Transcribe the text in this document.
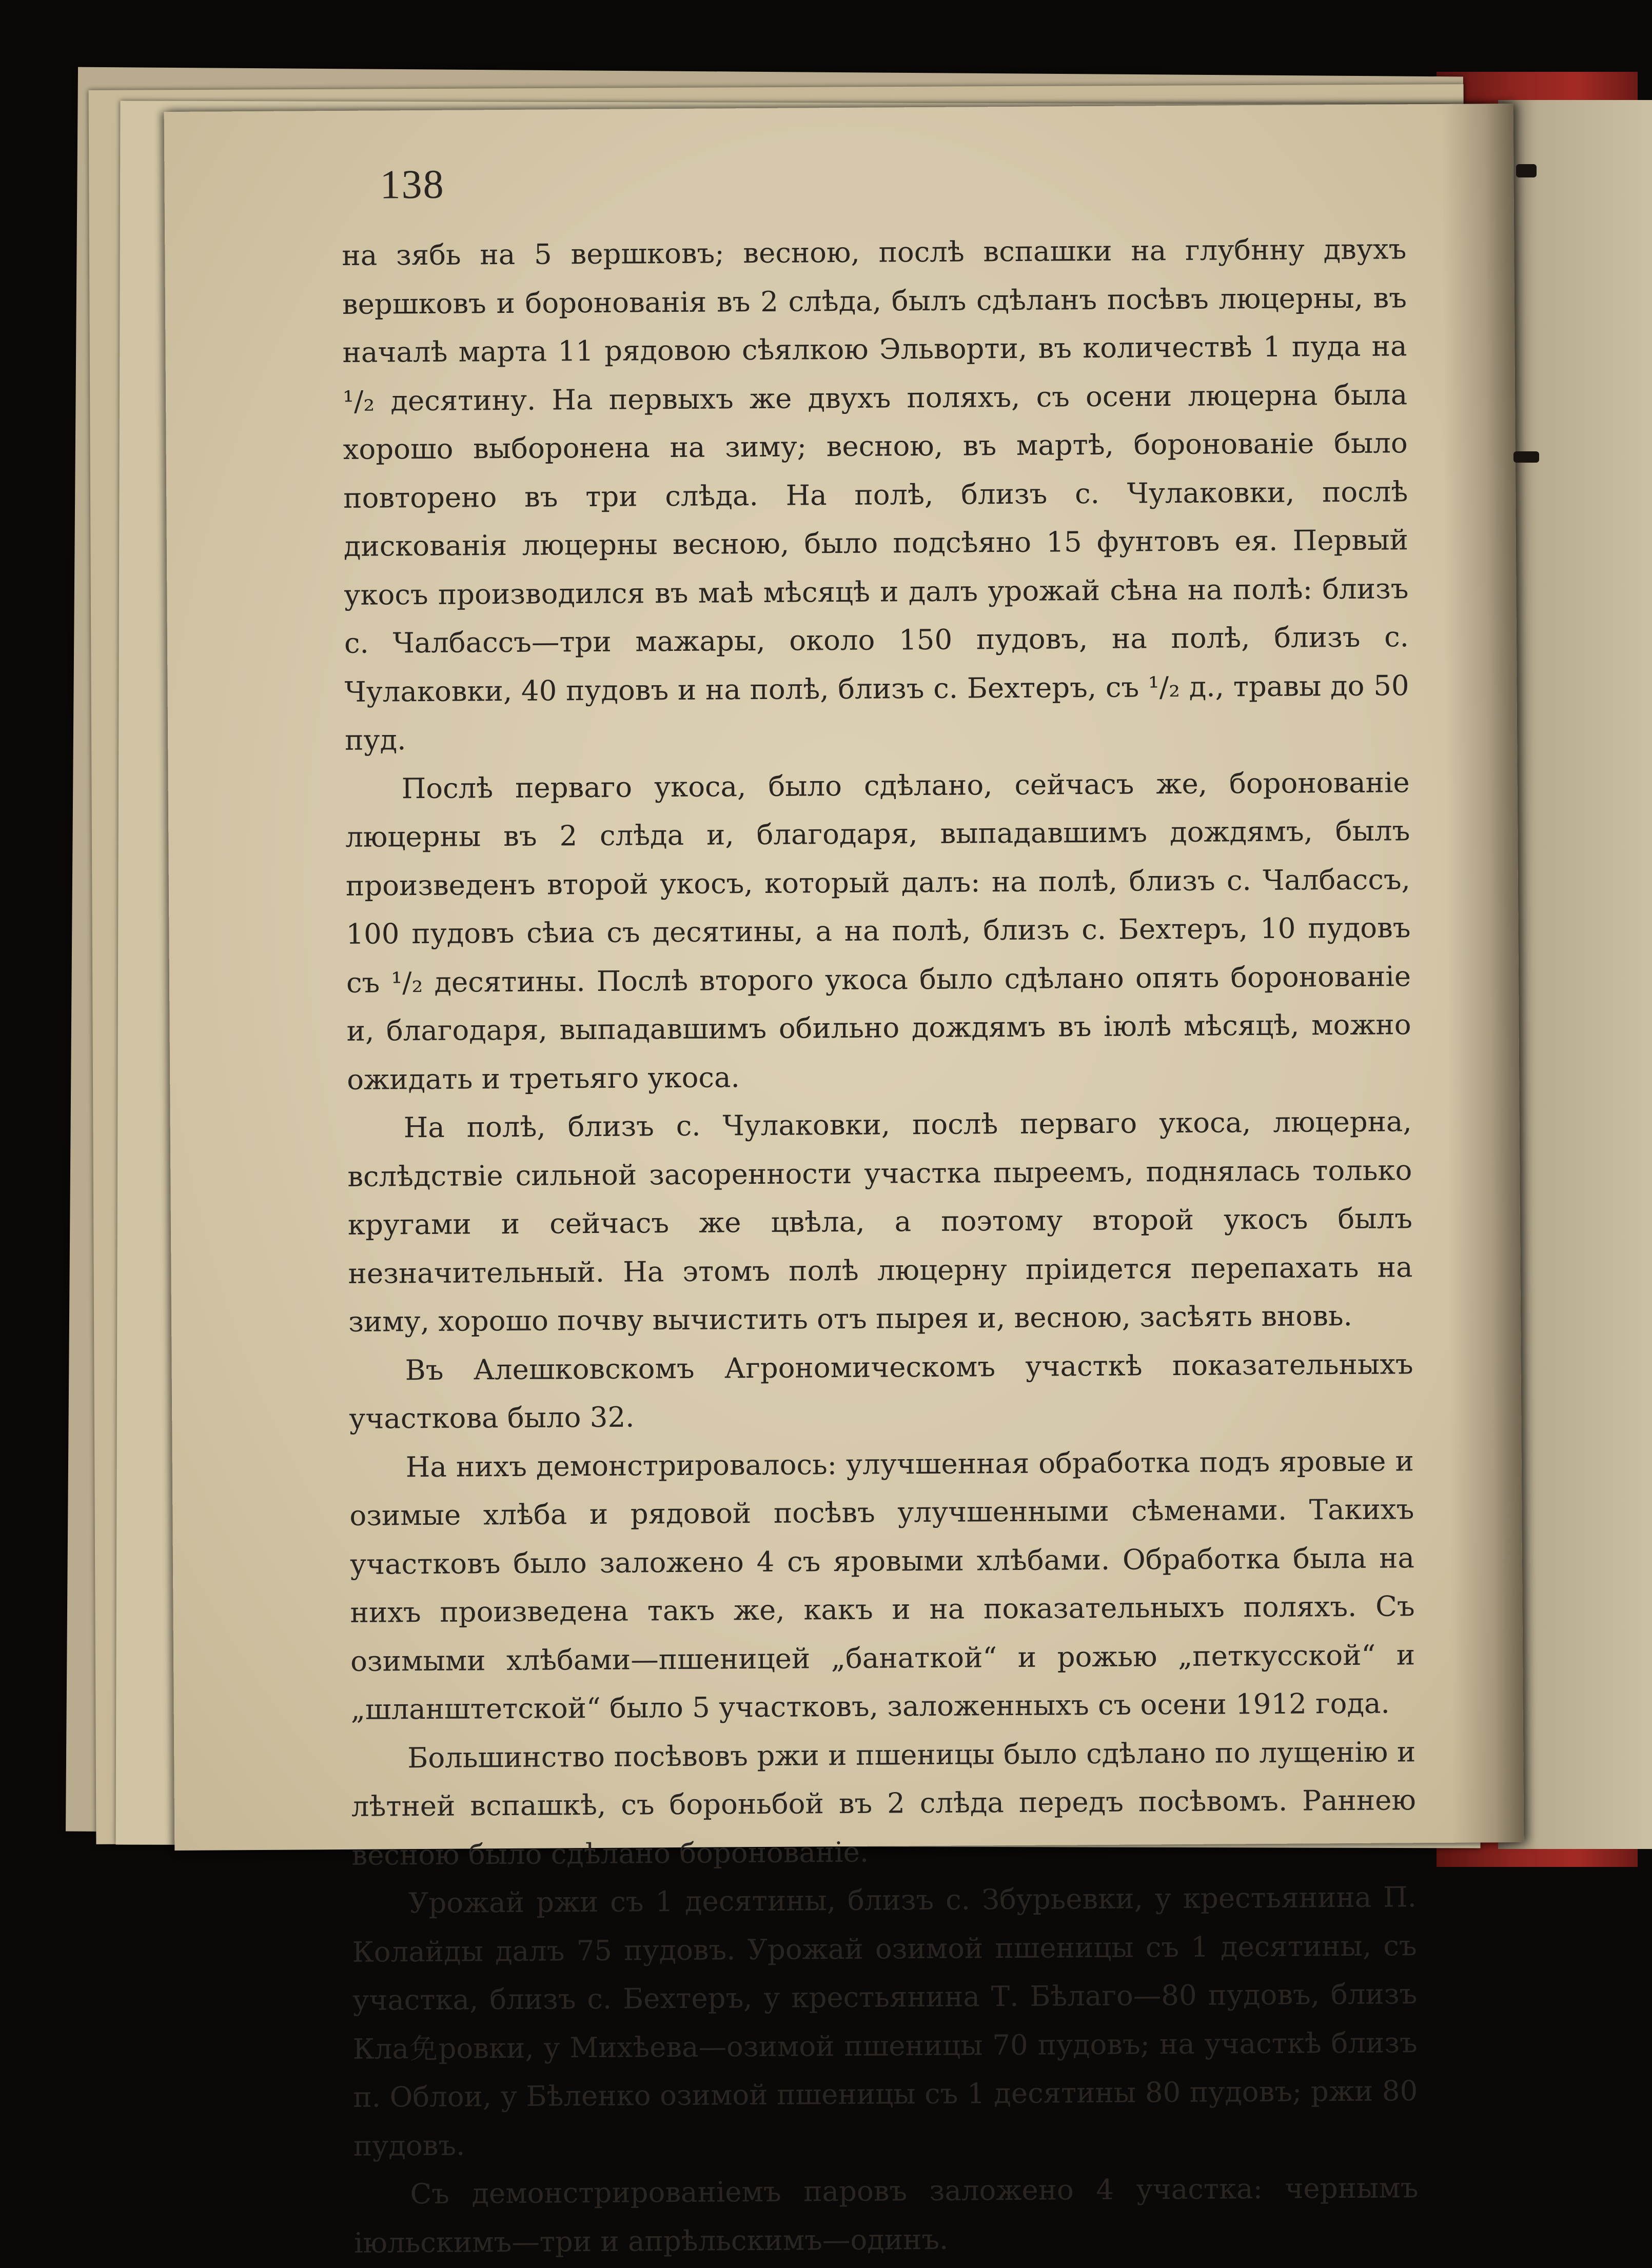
138

на зябь на 5 вершковъ; весною, послѣ вспашки на глубнну двухъ вершковъ и боронованія въ 2 слѣда, былъ сдѣланъ посѣвъ люцерны, въ началѣ марта 11 рядовою сѣялкою Эльворти, въ количествѣ 1 пуда на ¹/₂ десятину. На первыхъ же двухъ поляхъ, съ осени люцерна была хорошо выборонена на зиму; весною, въ мартѣ, боронованіе было повторено въ три слѣда. На полѣ, близъ с. Чулаковки, послѣ дискованія люцерны весною, было подсѣяно 15 фунтовъ ея. Первый укосъ производился въ маѣ мѣсяцѣ и далъ урожай сѣна на полѣ: близъ с. Чалбассъ—три мажары, около 150 пудовъ, на полѣ, близъ с. Чулаковки, 40 пудовъ и на полѣ, близъ с. Бехтеръ, съ ¹/₂ д., травы до 50 пуд.

Послѣ перваго укоса, было сдѣлано, сейчасъ же, боронованіе люцерны въ 2 слѣда и, благодаря, выпадавшимъ дождямъ, былъ произведенъ второй укосъ, который далъ: на полѣ, близъ с. Чалбассъ, 100 пудовъ сѣиа съ десятины, а на полѣ, близъ с. Бехтеръ, 10 пудовъ съ ¹/₂ десятины. Послѣ второго укоса было сдѣлано опять боронованіе и, благодаря, выпадавшимъ обильно дождямъ въ іюлѣ мѣсяцѣ, можно ожидать и третьяго укоса.

На полѣ, близъ с. Чулаковки, послѣ перваго укоса, люцерна, вслѣдствіе сильной засоренности участка пыреемъ, поднялась только кругами и сейчасъ же цвѣла, а поэтому второй укосъ былъ незначительный. На этомъ полѣ люцерну пріидется перепахать на зиму, хорошо почву вычистить отъ пырея и, весною, засѣять вновь.

Въ Алешковскомъ Агрономическомъ участкѣ показательныхъ участкова было 32.

На нихъ демонстрировалось: улучшенная обработка подъ яровые и озимые хлѣба и рядовой посѣвъ улучшенными сѣменами. Такихъ участковъ было заложено 4 съ яровыми хлѣбами. Обработка была на нихъ произведена такъ же, какъ и на показательныхъ поляхъ. Съ озимыми хлѣбами—пшеницей „банаткой“ и рожью „петкусской“ и „шланштетской“ было 5 участковъ, заложенныхъ съ осени 1912 года.

Большинство посѣвовъ ржи и пшеницы было сдѣлано по лущенію и лѣтней вспашкѣ, съ бороньбой въ 2 слѣда передъ посѣвомъ. Раннею весною было сдѣлано боронованіе.

Урожай ржи съ 1 десятины, близъ с. Збурьевки, у крестьянина П. Колайды далъ 75 пудовъ. Урожай озимой пшеницы съ 1 десятины, съ участка, близъ с. Бехтеръ, у крестьянина Т. Бѣлаго—80 пудовъ, близъ Кла免ровки, у Михѣева—озимой пшеницы 70 пудовъ; на участкѣ близъ п. Облои, у Бѣленко озимой пшеницы съ 1 десятины 80 пудовъ; ржи 80 пудовъ.

Съ демонстрированіемъ паровъ заложено 4 участка: чернымъ іюльскимъ—три и апрѣльскимъ—одинъ.
